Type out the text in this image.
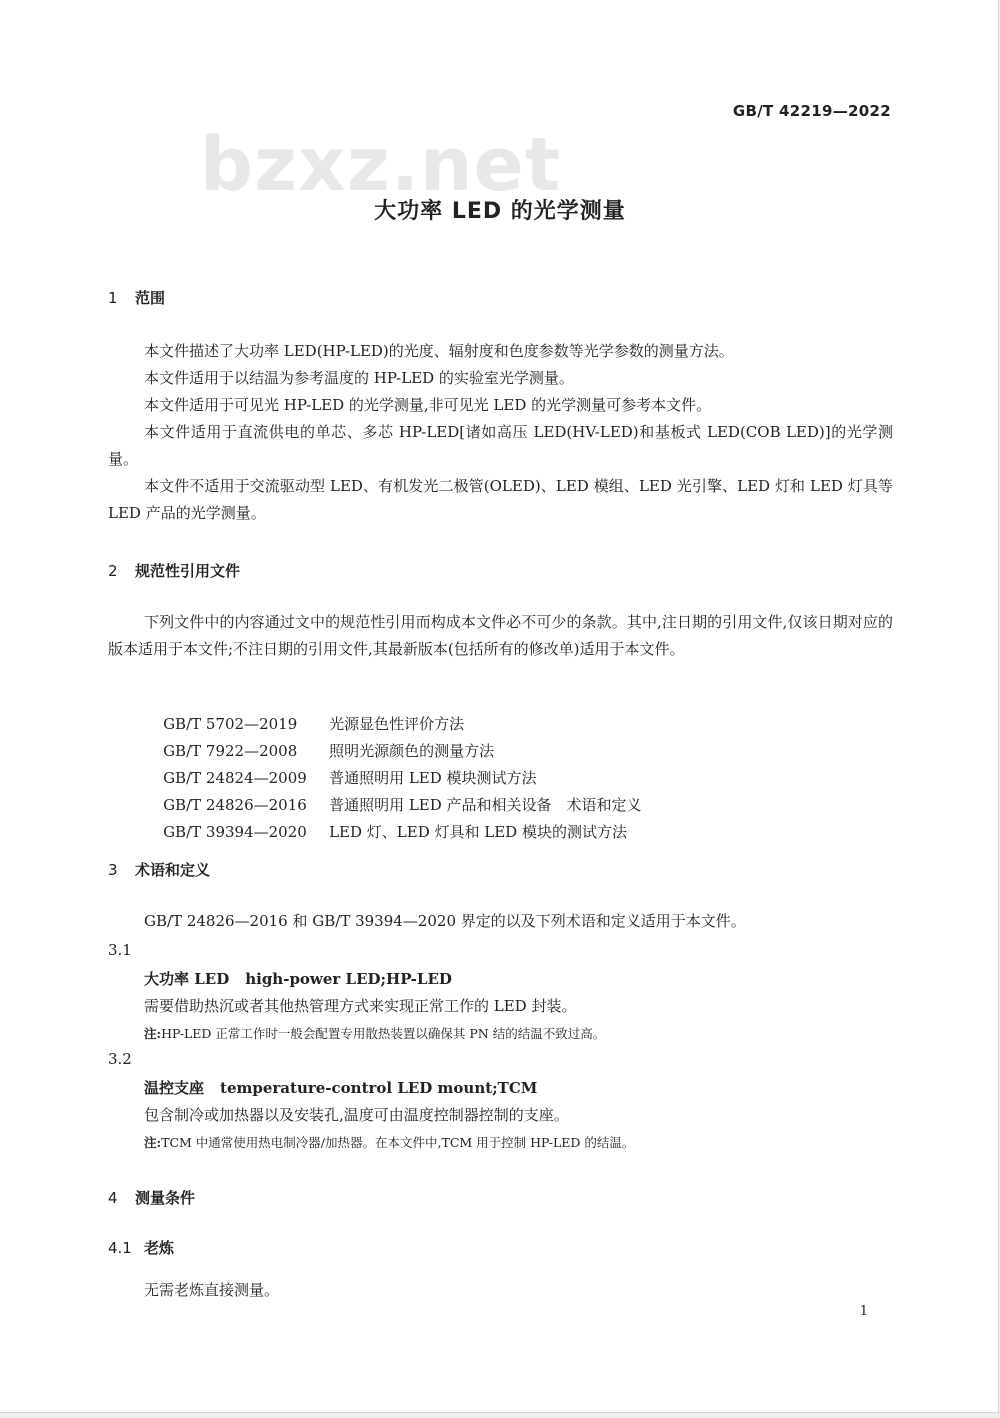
GB/T 42219—2022
bzxz.net
大功率 LED 的光学测量
1 范围
本文件描述了大功率 LED(HP-LED)的光度、辐射度和色度参数等光学参数的测量方法。
本文件适用于以结温为参考温度的 HP-LED 的实验室光学测量。
本文件适用于可见光 HP-LED 的光学测量,非可见光 LED 的光学测量可参考本文件。
本文件适用于直流供电的单芯、多芯 HP-LED[诸如高压 LED(HV-LED)和基板式 LED(COB LED)]的光学测量。
本文件不适用于交流驱动型 LED、有机发光二极管(OLED)、LED 模组、LED 光引擎、LED 灯和 LED 灯具等 LED 产品的光学测量。
2 规范性引用文件
下列文件中的内容通过文中的规范性引用而构成本文件必不可少的条款。其中,注日期的引用文件,仅该日期对应的版本适用于本文件;不注日期的引用文件,其最新版本(包括所有的修改单)适用于本文件。

GB/T 5702—2019 光源显色性评价方法

GB/T 7922—2008 照明光源颜色的测量方法

GB/T 24824—2009 普通照明用 LED 模块测试方法

GB/T 24826—2016 普通照明用 LED 产品和相关设备　术语和定义

GB/T 39394—2020 LED 灯、LED 灯具和 LED 模块的测试方法

3 术语和定义
GB/T 24826—2016 和 GB/T 39394—2020 界定的以及下列术语和定义适用于本文件。
3.1
大功率 LED high-power LED;HP-LED
需要借助热沉或者其他热管理方式来实现正常工作的 LED 封装。
注:HP-LED 正常工作时一般会配置专用散热装置以确保其 PN 结的结温不致过高。
3.2
温控支座 temperature-control LED mount;TCM
包含制冷或加热器以及安装孔,温度可由温度控制器控制的支座。
注:TCM 中通常使用热电制冷器/加热器。在本文件中,TCM 用于控制 HP-LED 的结温。
4 测量条件
4.1 老炼
无需老炼直接测量。
1
